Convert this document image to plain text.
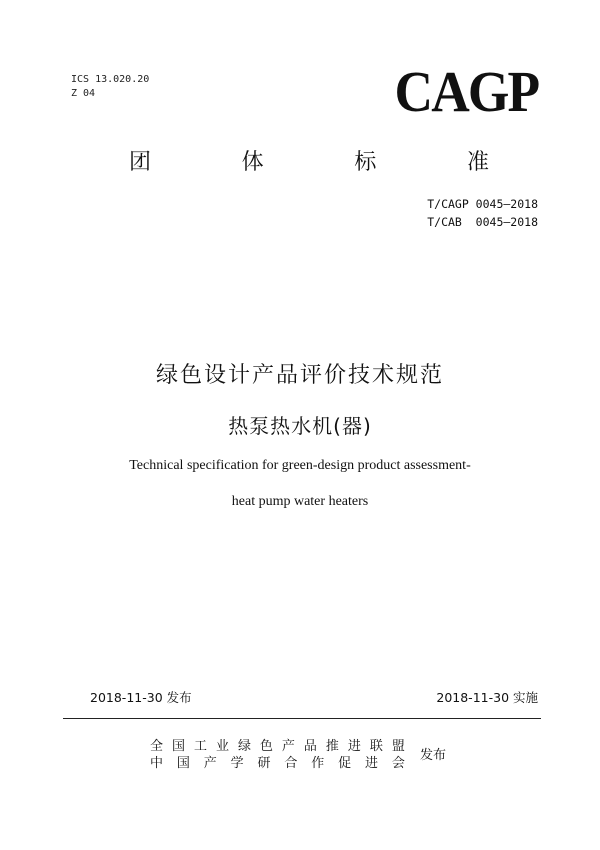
ICS 13.020.20
Z 04	CAGP
团	体	标	准
T/CAGP 0045—2018
T/CAB  0045—2018
绿色设计产品评价技术规范
热泵热水机(器)
Technical specification for green-design product assessment-
heat pump water heaters
2018-11-30 发布	2018-11-30 实施
全 国 工 业 绿 色 产 品 推 进 联 盟
中 国 产 学 研 合 作 促 进 会
发布
